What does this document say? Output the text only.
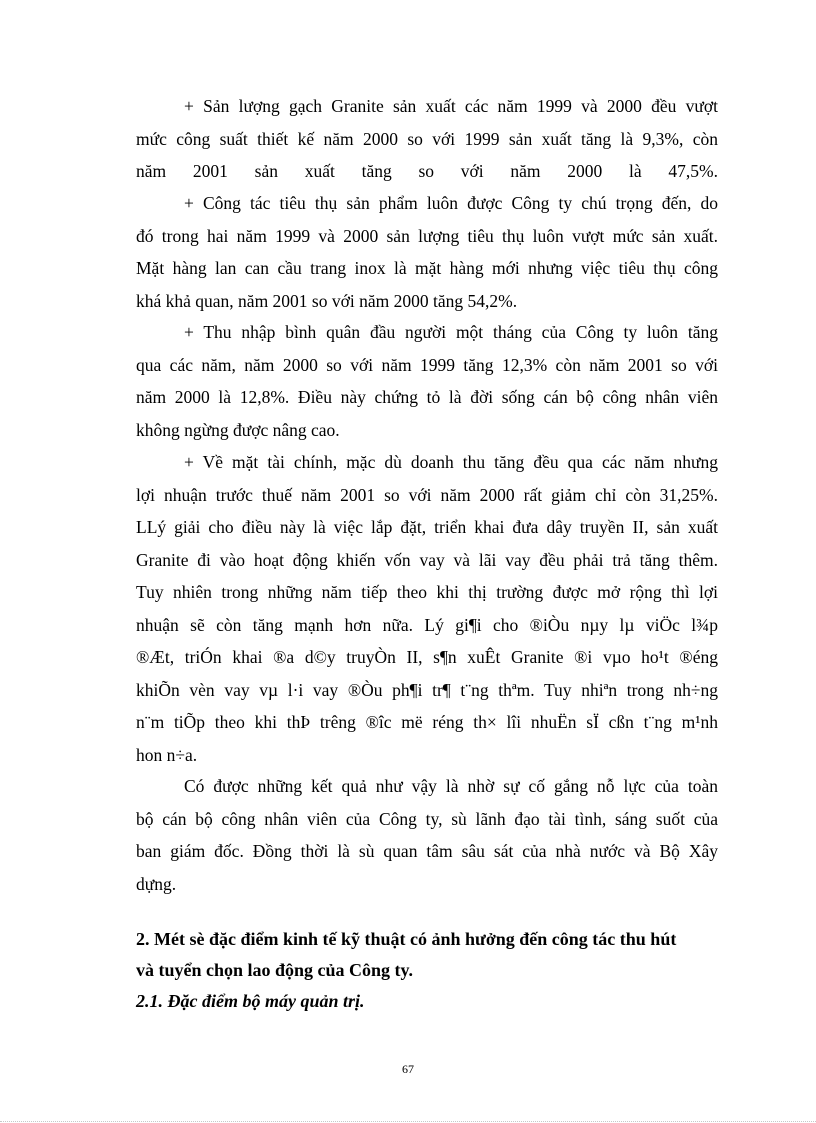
+ Sản lượng gạch Granite sản xuất các năm 1999 và 2000 đều vượt
mức công suất thiết kế năm 2000 so với 1999 sản xuất tăng là 9,3%, còn
năm 2001 sản xuất tăng so với năm 2000 là 47,5%.

+ Công tác tiêu thụ sản phẩm luôn được Công ty chú trọng đến, do
đó trong hai năm 1999 và 2000 sản lượng tiêu thụ luôn vượt mức sản xuất.
Mặt hàng lan can cầu trang inox là mặt hàng mới nhưng việc tiêu thụ công
khá khả quan, năm 2001 so với năm 2000 tăng 54,2%.

+ Thu nhập bình quân đầu người một tháng của Công ty luôn tăng
qua các năm, năm 2000 so với năm 1999 tăng 12,3% còn năm 2001 so với
năm 2000 là 12,8%. Điều này chứng tỏ là đời sống cán bộ công nhân viên
không ngừng được nâng cao.

+ Về mặt tài chính, mặc dù doanh thu tăng đều qua các năm nhưng
lợi nhuận trước thuế năm 2001 so với năm 2000 rất giảm chỉ còn 31,25%.
LLý giải cho điều này là việc lắp đặt, triển khai đưa dây truyền II, sản xuất
Granite đi vào hoạt động khiến vốn vay và lãi vay đều phải trả tăng thêm.
Tuy nhiên trong những năm tiếp theo khi thị trường được mở rộng thì lợi
nhuận sẽ còn tăng mạnh hơn nữa. Lý gi¶i cho ®iÒu nµy lµ viÖc l¾p
®Æt, triÓn khai ®a d©y truyÒn II, s¶n xuÊt Granite ®i vµo ho¹t ®éng
khiÕn vèn vay vµ l·i vay ®Òu ph¶i tr¶ t¨ng thªm. Tuy nhiªn trong nh÷ng
n¨m tiÕp theo khi thÞ trêng ®îc më réng th× lîi nhuËn sÏ cßn t¨ng m¹nh
hon n÷a.

Có được những kết quả như vậy là nhờ sự cố gắng nỗ lực của toàn
bộ cán bộ công nhân viên của Công ty, sù lãnh đạo tài tình, sáng suốt của
ban giám đốc. Đồng thời là sù quan tâm sâu sát của nhà nước và Bộ Xây
dựng.

2. Mét sè đặc điểm kinh tế kỹ thuật có ảnh hưởng đến công tác thu hút
và tuyển chọn lao động của Công ty.
2.1. Đặc điểm bộ máy quản trị.
67
